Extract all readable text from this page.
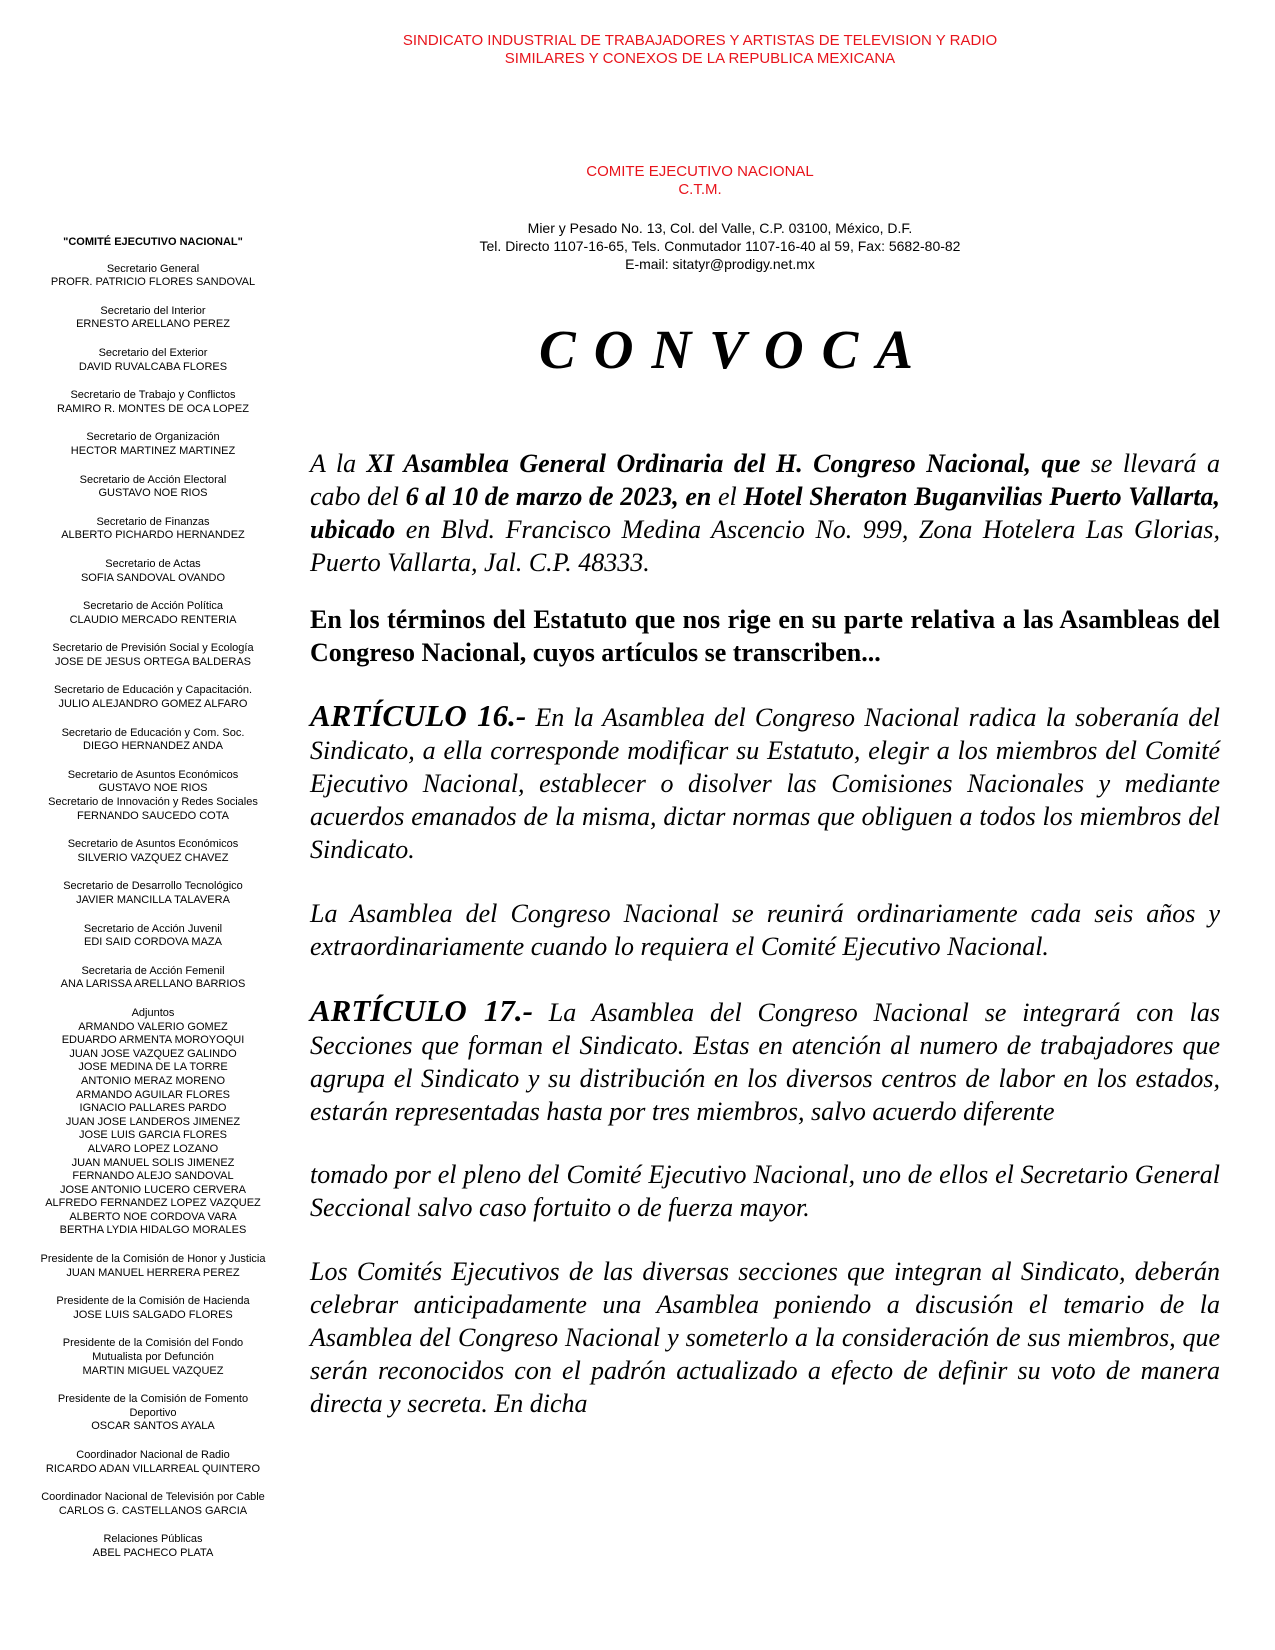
SINDICATO INDUSTRIAL DE TRABAJADORES Y ARTISTAS DE TELEVISION Y RADIO
SIMILARES Y CONEXOS DE LA REPUBLICA MEXICANA
COMITE EJECUTIVO NACIONAL
C.T.M.
Mier y Pesado No. 13, Col. del Valle, C.P. 03100, México, D.F.
Tel. Directo 1107-16-65, Tels. Conmutador 1107-16-40 al 59, Fax: 5682-80-82
E-mail: sitatyr@prodigy.net.mx
"COMITÉ EJECUTIVO NACIONAL"
Secretario General
PROFR. PATRICIO FLORES SANDOVAL
Secretario del Interior
ERNESTO ARELLANO PEREZ
Secretario del Exterior
DAVID RUVALCABA FLORES
Secretario de Trabajo y Conflictos
RAMIRO R. MONTES DE OCA LOPEZ
Secretario de Organización
HECTOR MARTINEZ MARTINEZ
Secretario de Acción Electoral
GUSTAVO NOE RIOS
Secretario de Finanzas
ALBERTO PICHARDO HERNANDEZ
Secretario de Actas
SOFIA SANDOVAL OVANDO
Secretario de Acción Política
CLAUDIO MERCADO RENTERIA
Secretario de Previsión Social y Ecología
JOSE DE JESUS ORTEGA BALDERAS
Secretario de Educación y Capacitación.
JULIO ALEJANDRO GOMEZ ALFARO
Secretario de Educación y Com. Soc.
DIEGO HERNANDEZ ANDA
Secretario de Asuntos Económicos
GUSTAVO NOE RIOS
Secretario de Innovación y Redes Sociales
FERNANDO SAUCEDO COTA
Secretario de Asuntos Económicos
SILVERIO VAZQUEZ CHAVEZ
Secretario de Desarrollo Tecnológico
JAVIER MANCILLA TALAVERA
Secretario de Acción Juvenil
EDI SAID CORDOVA MAZA
Secretaria de Acción Femenil
ANA LARISSA ARELLANO BARRIOS
Adjuntos
ARMANDO VALERIO GOMEZ
EDUARDO ARMENTA MOROYOQUI
JUAN JOSE VAZQUEZ GALINDO
JOSE MEDINA DE LA TORRE
ANTONIO MERAZ MORENO
ARMANDO AGUILAR FLORES
IGNACIO PALLARES PARDO
JUAN JOSE LANDEROS JIMENEZ
JOSE LUIS GARCIA FLORES
ALVARO LOPEZ LOZANO
JUAN MANUEL SOLIS JIMENEZ
FERNANDO ALEJO SANDOVAL
JOSE ANTONIO LUCERO CERVERA
ALFREDO FERNANDEZ LOPEZ VAZQUEZ
ALBERTO NOE CORDOVA VARA
BERTHA LYDIA HIDALGO MORALES
Presidente de la Comisión de Honor y Justicia
JUAN MANUEL HERRERA PEREZ
Presidente de la Comisión de Hacienda
JOSE LUIS SALGADO FLORES
Presidente de la Comisión del Fondo
Mutualista por Defunción
MARTIN MIGUEL VAZQUEZ
Presidente de la Comisión de Fomento
Deportivo
OSCAR SANTOS AYALA
Coordinador Nacional de Radio
RICARDO ADAN VILLARREAL QUINTERO
Coordinador Nacional de Televisión por Cable
CARLOS G. CASTELLANOS GARCIA
Relaciones Públicas
ABEL PACHECO PLATA
CONVOCA

A la XI Asamblea General Ordinaria del H. Congreso Nacional, que se llevará a cabo del 6 al 10 de marzo de 2023, en el Hotel Sheraton Buganvilias Puerto Vallarta, ubicado en Blvd. Francisco Medina Ascencio No. 999, Zona Hotelera Las Glorias, Puerto Vallarta, Jal. C.P. 48333.

En los términos del Estatuto que nos rige en su parte relativa a las Asambleas del Congreso Nacional, cuyos artículos se transcriben...

ARTÍCULO 16.- En la Asamblea del Congreso Nacional radica la soberanía del Sindicato, a ella corresponde modificar su Estatuto, elegir a los miembros del Comité Ejecutivo Nacional, establecer o disolver las Comisiones Nacionales y mediante acuerdos emanados de la misma, dictar normas que obliguen a todos los miembros del Sindicato.

La Asamblea del Congreso Nacional se reunirá ordinariamente cada seis años y extraordinariamente cuando lo requiera el Comité Ejecutivo Nacional.

ARTÍCULO 17.- La Asamblea del Congreso Nacional se integrará con las Secciones que forman el Sindicato. Estas en atención al numero de trabajadores que agrupa el Sindicato y su distribución en los diversos centros de labor en los estados, estarán representadas hasta por tres miembros, salvo acuerdo diferente

tomado por el pleno del Comité Ejecutivo Nacional, uno de ellos el Secretario General Seccional salvo caso fortuito o de fuerza mayor.

Los Comités Ejecutivos de las diversas secciones que integran al Sindicato, deberán celebrar anticipadamente una Asamblea poniendo a discusión el temario de la Asamblea del Congreso Nacional y someterlo a la consideración de sus miembros, que serán reconocidos con el padrón actualizado a efecto de definir su voto de manera directa y secreta. En dicha
